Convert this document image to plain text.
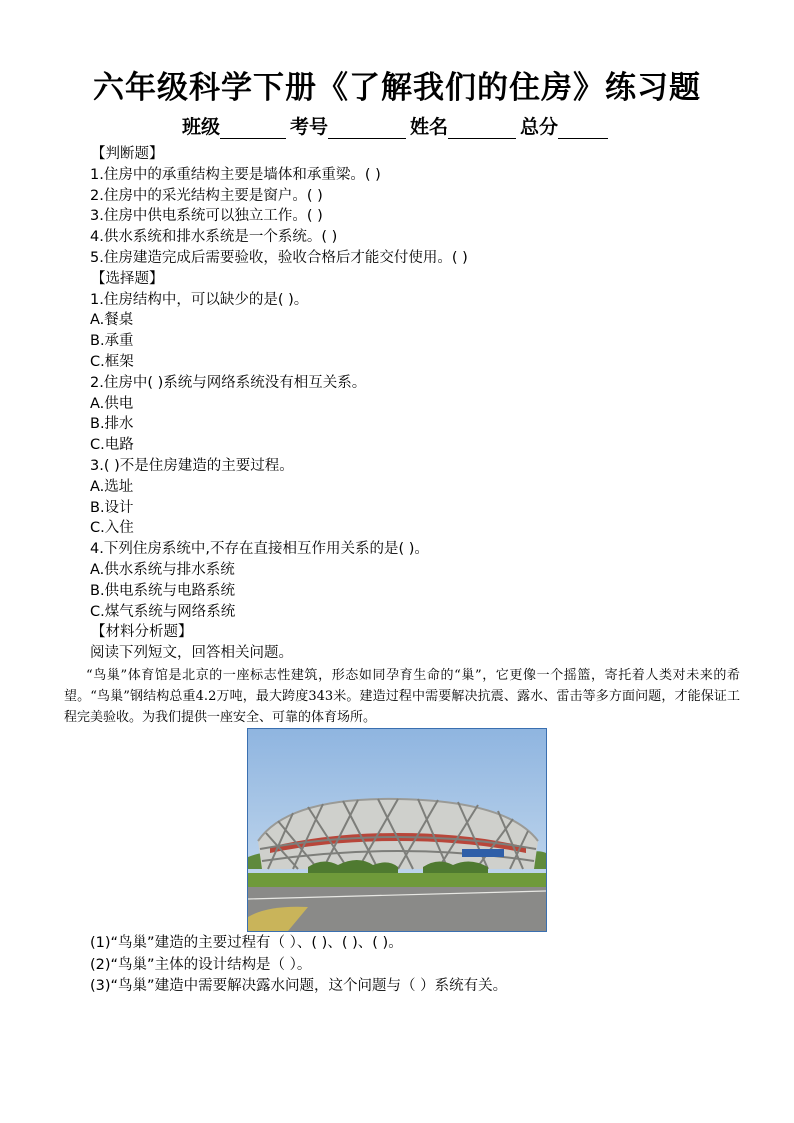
六年级科学下册《了解我们的住房》练习题
班级	考号	姓名	总分
【判断题】
1.住房中的承重结构主要是墙体和承重梁。( )
2.住房中的采光结构主要是窗户。( )
3.住房中供电系统可以独立工作。( )
4.供水系统和排水系统是一个系统。( )
5.住房建造完成后需要验收，验收合格后才能交付使用。( )
【选择题】
1.住房结构中，可以缺少的是( )。
A.餐桌
B.承重
C.框架
2.住房中( )系统与网络系统没有相互关系。
A.供电
B.排水
C.电路
3.( )不是住房建造的主要过程。
A.选址
B.设计
C.入住
4.下列住房系统中,不存在直接相互作用关系的是( )。
A.供水系统与排水系统
B.供电系统与电路系统
C.煤气系统与网络系统
【材料分析题】
阅读下列短文，回答相关问题。
“鸟巢”体育馆是北京的一座标志性建筑，形态如同孕育生命的“巢”，它更像一个摇篮，寄托着人类对未来的希望。“鸟巢”钢结构总重4.2万吨，最大跨度343米。建造过程中需要解决抗震、露水、雷击等多方面问题，才能保证工程完美验收。为我们提供一座安全、可靠的体育场所。
(1)“鸟巢”建造的主要过程有（ ）、( )、( )、( )。
(2)“鸟巢”主体的设计结构是（ ）。
(3)“鸟巢”建造中需要解决露水问题，这个问题与（ ）系统有关。
